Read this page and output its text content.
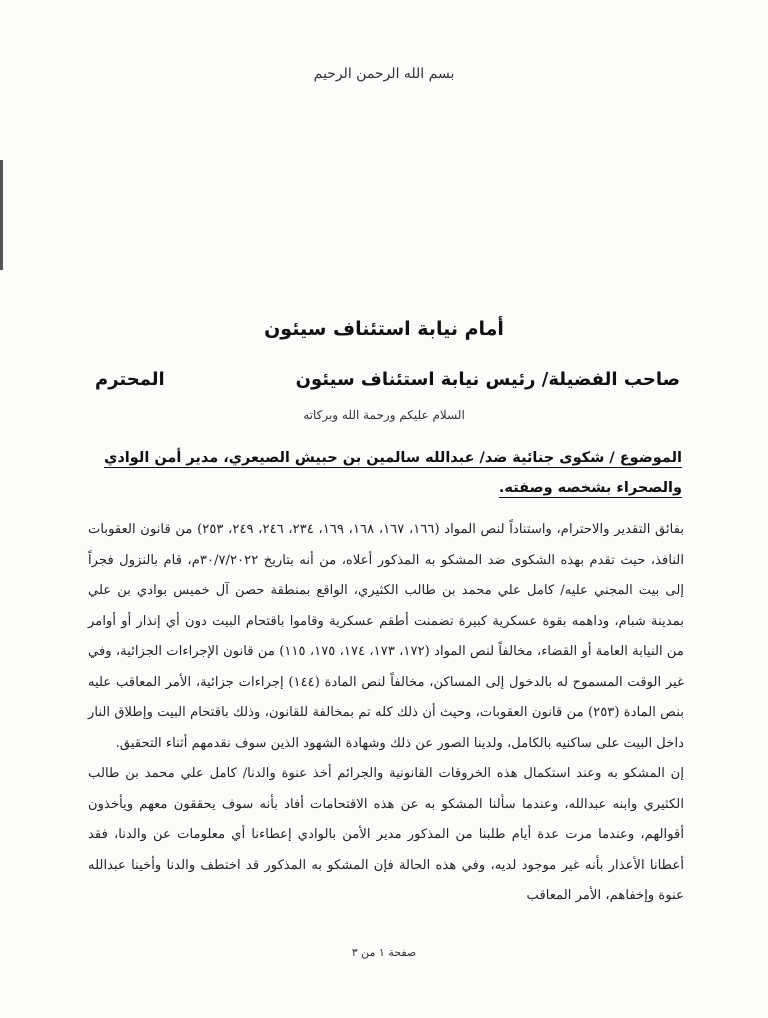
بسم الله الرحمن الرحيم
أمام نيابة استئناف سيئون
صاحب الفضيلة/ رئيس نيابة استئناف سيئون
المحترم
السلام عليكم ورحمة الله وبركاته
الموضوع / شكوى جنائية ضد/ عبدالله سالمين بن حبيش الصيعري، مدير أمن الوادي والصحراء بشخصه وصفته.

بفائق التقدير والاحترام، واستناداً لنص المواد (١٦٦، ١٦٧، ١٦٨، ١٦٩، ٢٣٤، ٢٤٦، ٢٤٩، ٢٥٣) من قانون العقوبات النافذ، حيث تقدم بهذه الشكوى ضد المشكو به المذكور أعلاه، من أنه بتاريخ ٣٠/٧/٢٠٢٢م، قام بالنزول فجراً إلى بيت المجني عليه/ كامل علي محمد بن طالب الكثيري، الواقع بمنطقة حصن آل خميس بوادي بن علي بمدينة شبام، وداهمه بقوة عسكرية كبيرة تضمنت أطقم عسكرية وقاموا باقتحام البيت دون أي إنذار أو أوامر من النيابة العامة أو القضاء، مخالفاً لنص المواد (١٧٢، ١٧٣، ١٧٤، ١٧٥، ١١٥) من قانون الإجراءات الجزائية، وفي غير الوقت المسموح له بالدخول إلى المساكن، مخالفاً لنص المادة (١٤٤) إجراءات جزائية، الأمر المعاقب عليه بنص المادة (٢٥٣) من قانون العقوبات، وحيث أن ذلك كله تم بمخالفة للقانون، وذلك باقتحام البيت وإطلاق النار داخل البيت على ساكنيه بالكامل، ولدينا الصور عن ذلك وشهادة الشهود الذين سوف نقدمهم أثناء التحقيق.

إن المشكو به وعند استكمال هذه الخروقات القانونية والجرائم أخذ عنوة والدنا/ كامل علي محمد بن طالب الكثيري وابنه عبدالله، وعندما سألنا المشكو به عن هذه الاقتحامات أفاد بأنه سوف يحققون معهم ويأخذون أقوالهم، وعندما مرت عدة أيام طلبنا من المذكور مدير الأمن بالوادي إعطاءنا أي معلومات عن والدنا، فقد أعطانا الأعذار بأنه غير موجود لديه، وفي هذه الحالة فإن المشكو به المذكور قد اختطف والدنا وأخينا عبدالله عنوة وإخفاهم، الأمر المعاقب

صفحة ١ من ٣
